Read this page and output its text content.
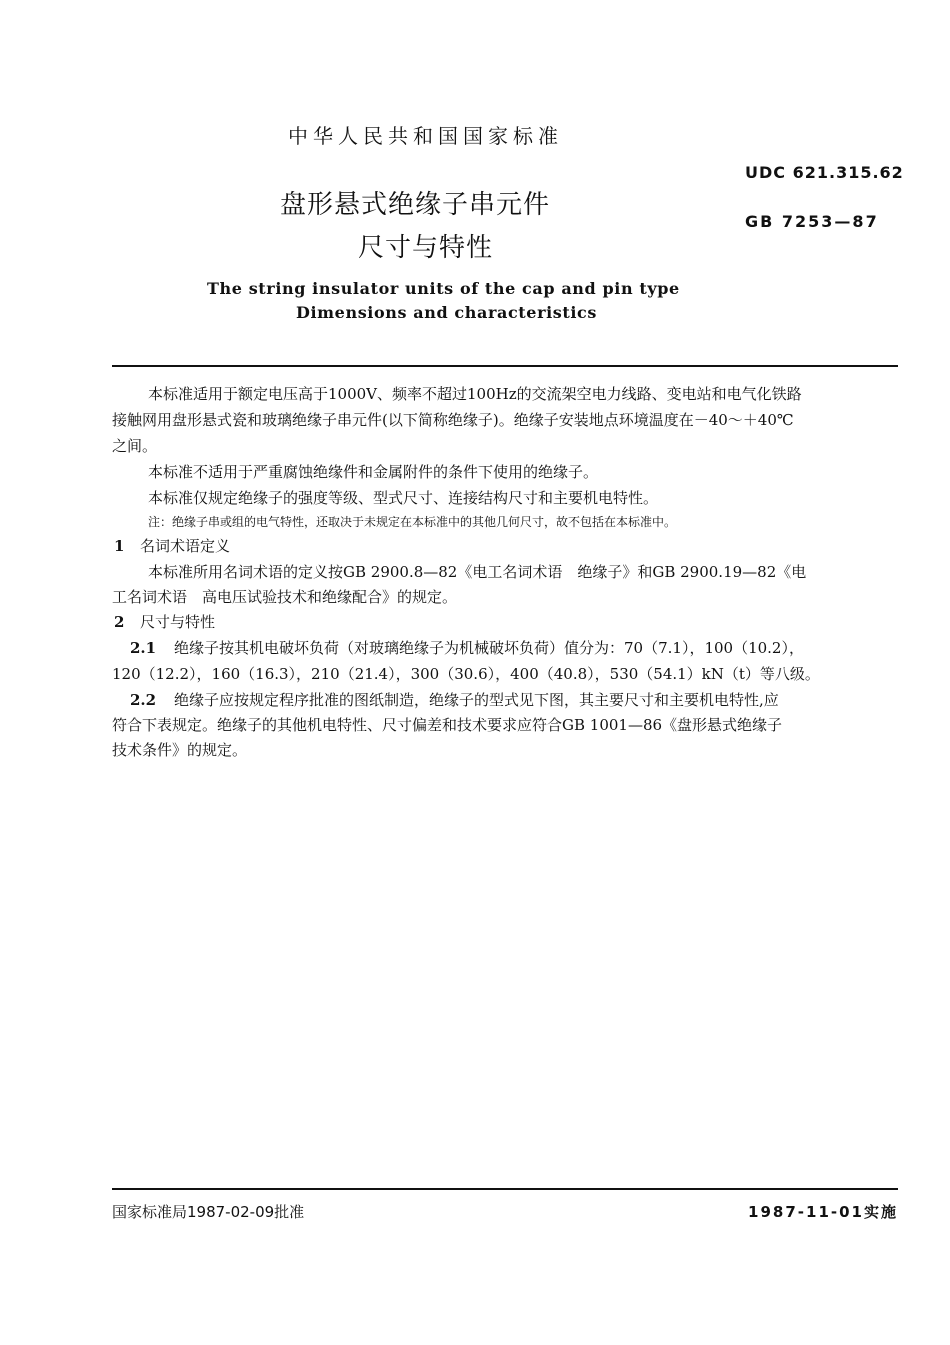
中华人民共和国国家标准
UDC 621.315.62
GB 7253—87
盘形悬式绝缘子串元件
尺寸与特性
The string insulator units of the cap and pin type
Dimensions and characteristics
本标准适用于额定电压高于1000V、频率不超过100Hz的交流架空电力线路、变电站和电气化铁路
接触网用盘形悬式瓷和玻璃绝缘子串元件(以下简称绝缘子)。绝缘子安装地点环境温度在－40～＋40℃
之间。
本标准不适用于严重腐蚀绝缘件和金属附件的条件下使用的绝缘子。
本标准仅规定绝缘子的强度等级、型式尺寸、连接结构尺寸和主要机电特性。
注：绝缘子串或组的电气特性，还取决于未规定在本标准中的其他几何尺寸，故不包括在本标准中。
1 名词术语定义
本标准所用名词术语的定义按GB 2900.8—82《电工名词术语　绝缘子》和GB 2900.19—82《电
工名词术语　高电压试验技术和绝缘配合》的规定。
2 尺寸与特性
2.1 绝缘子按其机电破坏负荷（对玻璃绝缘子为机械破坏负荷）值分为：70（7.1），100（10.2），
120（12.2），160（16.3），210（21.4），300（30.6），400（40.8），530（54.1）kN（t）等八级。
2.2 绝缘子应按规定程序批准的图纸制造，绝缘子的型式见下图，其主要尺寸和主要机电特性,应
符合下表规定。绝缘子的其他机电特性、尺寸偏差和技术要求应符合GB 1001—86《盘形悬式绝缘子
技术条件》的规定。
国家标准局1987-02-09批准	1987-11-01实施
